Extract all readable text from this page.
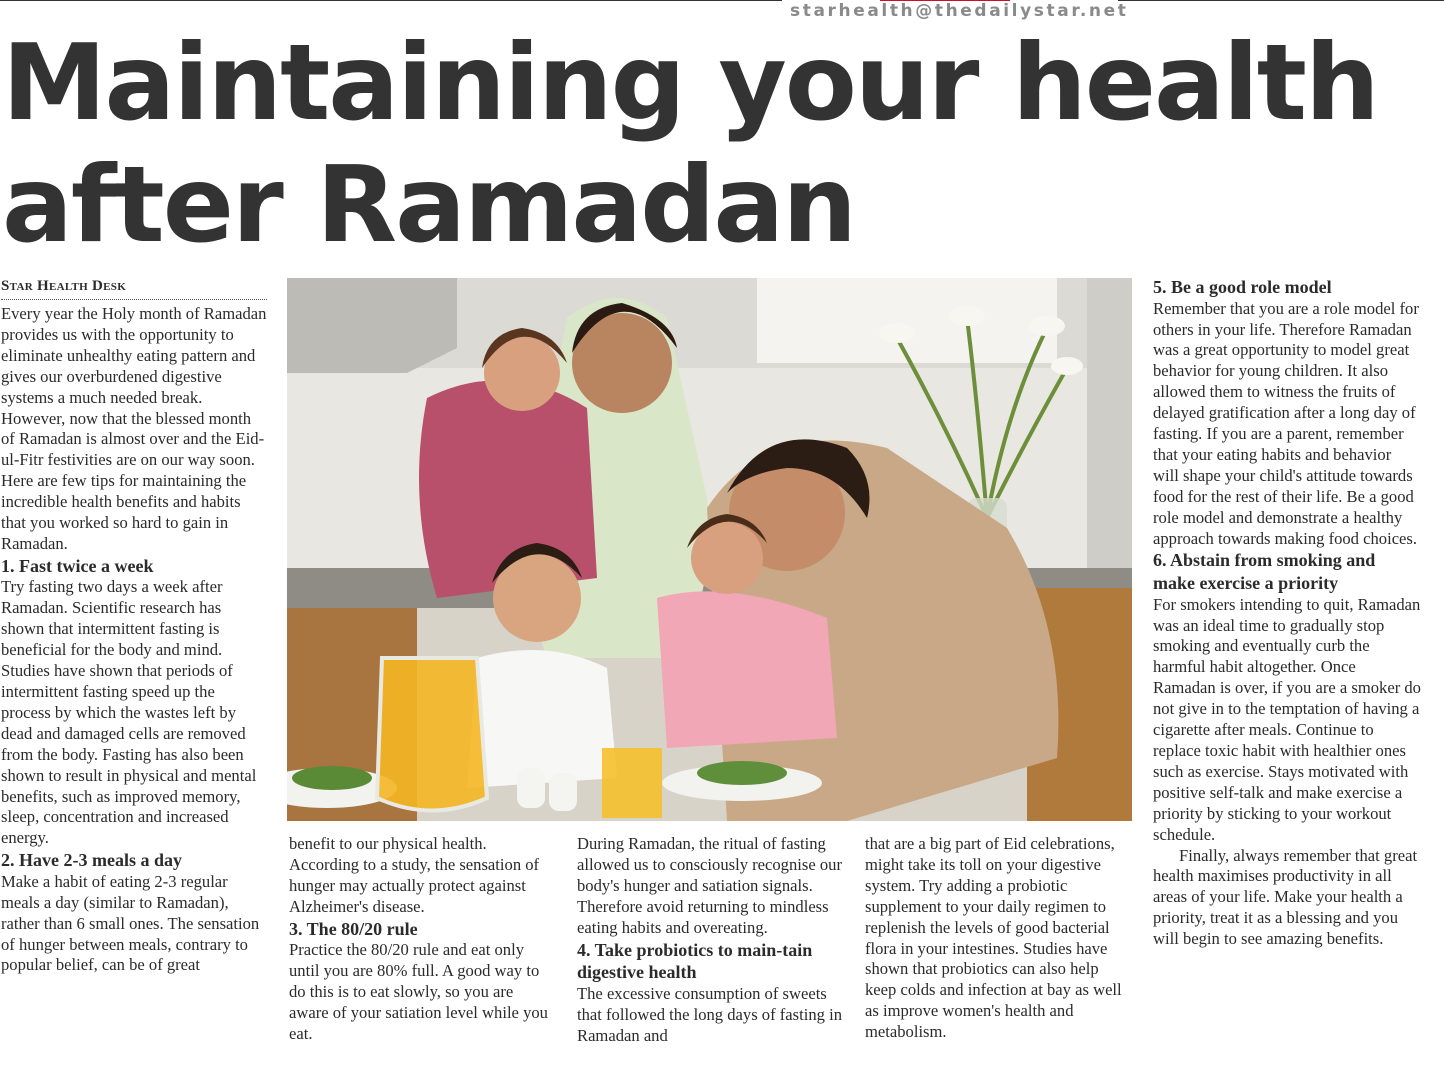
starhealth@thedailystar.net
Maintaining your health
after Ramadan
Star Health Desk

Every year the Holy month of Ramadan provides us with the opportunity to eliminate unhealthy eating pattern and gives our overburdened digestive systems a much needed break. However, now that the blessed month of Ramadan is almost over and the Eid-ul-Fitr festivities are on our way soon. Here are few tips for maintaining the incredible health benefits and habits that you worked so hard to gain in Ramadan.

1. Fast twice a week

Try fasting two days a week after Ramadan. Scientific research has shown that intermittent fasting is beneficial for the body and mind. Studies have shown that periods of intermittent fasting speed up the process by which the wastes left by dead and damaged cells are removed from the body. Fasting has also been shown to result in physical and mental benefits, such as improved memory, sleep, concentration and increased energy.

2. Have 2-3 meals a day

Make a habit of eating 2-3 regular meals a day (similar to Ramadan), rather than 6 small ones. The sensation of hunger between meals, contrary to popular belief, can be of great

benefit to our physical health. According to a study, the sensation of hunger may actually protect against Alzheimer's disease.

3. The 80/20 rule

Practice the 80/20 rule and eat only until you are 80% full. A good way to do this is to eat slowly, so you are aware of your satiation level while you eat.

During Ramadan, the ritual of fasting allowed us to consciously recognise our body's hunger and satiation signals. Therefore avoid returning to mindless eating habits and overeating.

4. Take probiotics to main-tain digestive health

The excessive consumption of sweets that followed the long days of fasting in Ramadan and

that are a big part of Eid celebrations, might take its toll on your digestive system. Try adding a probiotic supplement to your daily regimen to replenish the levels of good bacterial flora in your intestines. Studies have shown that probiotics can also help keep colds and infection at bay as well as improve women's health and metabolism.

5. Be a good role model

Remember that you are a role model for others in your life. Therefore Ramadan was a great opportunity to model great behavior for young children. It also allowed them to witness the fruits of delayed gratification after a long day of fasting. If you are a parent, remember that your eating habits and behavior will shape your child's attitude towards food for the rest of their life. Be a good role model and demonstrate a healthy approach towards making food choices.

6. Abstain from smoking and make exercise a priority

For smokers intending to quit, Ramadan was an ideal time to gradually stop smoking and eventually curb the harmful habit altogether. Once Ramadan is over, if you are a smoker do not give in to the temptation of having a cigarette after meals. Continue to replace toxic habit with healthier ones such as exercise. Stays motivated with positive self-talk and make exercise a priority by sticking to your workout schedule.

Finally, always remember that great health maximises productivity in all areas of your life. Make your health a priority, treat it as a blessing and you will begin to see amazing benefits.
